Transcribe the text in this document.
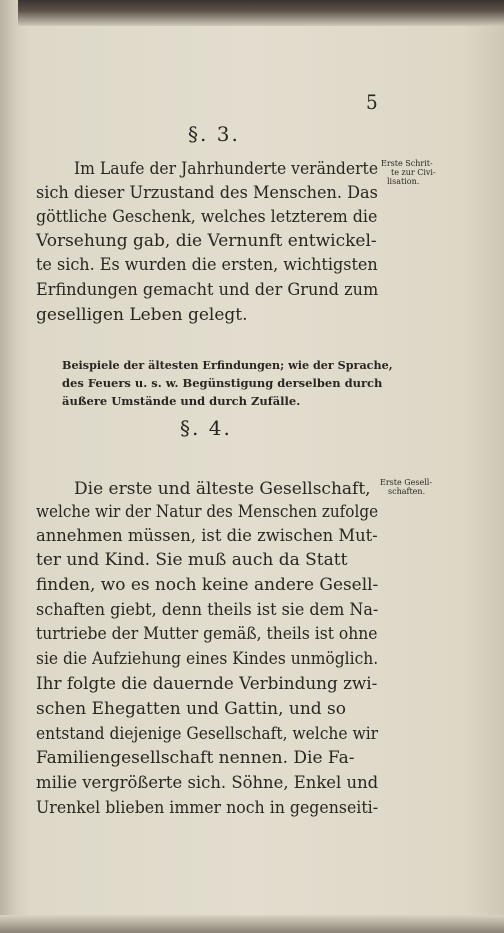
5
§. 3.
Erste Schrit-
te zur Civi-
lisation.
Im Laufe der Jahrhunderte veränderte
sich dieser Urzustand des Menschen. Das
göttliche Geschenk, welches letzterem die
Vorsehung gab, die Vernunft entwickel-
te sich. Es wurden die ersten, wichtigsten
Erfindungen gemacht und der Grund zum
geselligen Leben gelegt.
Beispiele der ältesten Erfindungen; wie der Sprache,
des Feuers u. s. w. Begünstigung derselben durch
äußere Umstände und durch Zufälle.
§. 4.
Erste Gesell-
schaften.
Die erste und älteste Gesellschaft,
welche wir der Natur des Menschen zufolge
annehmen müssen, ist die zwischen Mut-
ter und Kind. Sie muß auch da Statt
finden, wo es noch keine andere Gesell-
schaften giebt, denn theils ist sie dem Na-
turtriebe der Mutter gemäß, theils ist ohne
sie die Aufziehung eines Kindes unmöglich.
Ihr folgte die dauernde Verbindung zwi-
schen Ehegatten und Gattin, und so
entstand diejenige Gesellschaft, welche wir
Familiengesellschaft nennen. Die Fa-
milie vergrößerte sich. Söhne, Enkel und
Urenkel blieben immer noch in gegenseiti-
